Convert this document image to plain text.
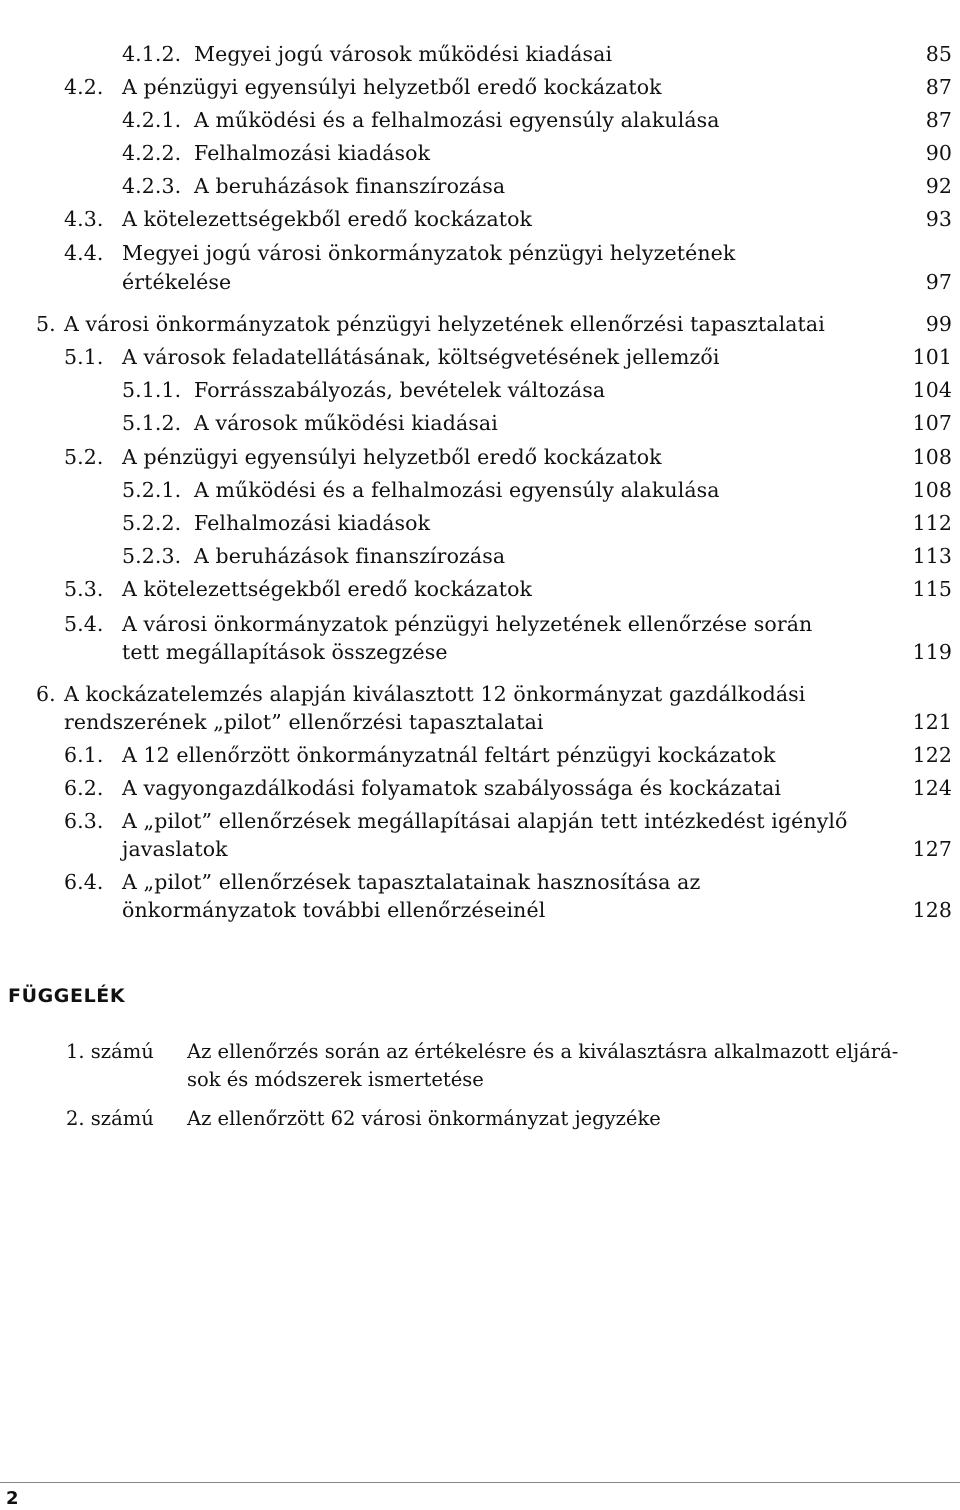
4.1.2. Megyei jogú városok működési kiadásai	85
4.2. A pénzügyi egyensúlyi helyzetből eredő kockázatok	87
4.2.1. A működési és a felhalmozási egyensúly alakulása	87
4.2.2. Felhalmozási kiadások	90
4.2.3. A beruházások finanszírozása	92
4.3. A kötelezettségekből eredő kockázatok	93
4.4. Megyei jogú városi önkormányzatok pénzügyi helyzetének
értékelése	97
5. A városi önkormányzatok pénzügyi helyzetének ellenőrzési tapasztalatai	99
5.1. A városok feladatellátásának, költségvetésének jellemzői	101
5.1.1. Forrásszabályozás, bevételek változása	104
5.1.2. A városok működési kiadásai	107
5.2. A pénzügyi egyensúlyi helyzetből eredő kockázatok	108
5.2.1. A működési és a felhalmozási egyensúly alakulása	108
5.2.2. Felhalmozási kiadások	112
5.2.3. A beruházások finanszírozása	113
5.3. A kötelezettségekből eredő kockázatok	115
5.4. A városi önkormányzatok pénzügyi helyzetének ellenőrzése során
tett megállapítások összegzése	119
6. A kockázatelemzés alapján kiválasztott 12 önkormányzat gazdálkodási
rendszerének „pilot” ellenőrzési tapasztalatai	121
6.1. A 12 ellenőrzött önkormányzatnál feltárt pénzügyi kockázatok	122
6.2. A vagyongazdálkodási folyamatok szabályossága és kockázatai	124
6.3. A „pilot” ellenőrzések megállapításai alapján tett intézkedést igénylő
javaslatok	127
6.4. A „pilot” ellenőrzések tapasztalatainak hasznosítása az
önkormányzatok további ellenőrzéseinél	128
FÜGGELÉK
1. számú Az ellenőrzés során az értékelésre és a kiválasztásra alkalmazott eljárá-
sok és módszerek ismertetése
2. számú Az ellenőrzött 62 városi önkormányzat jegyzéke
2
